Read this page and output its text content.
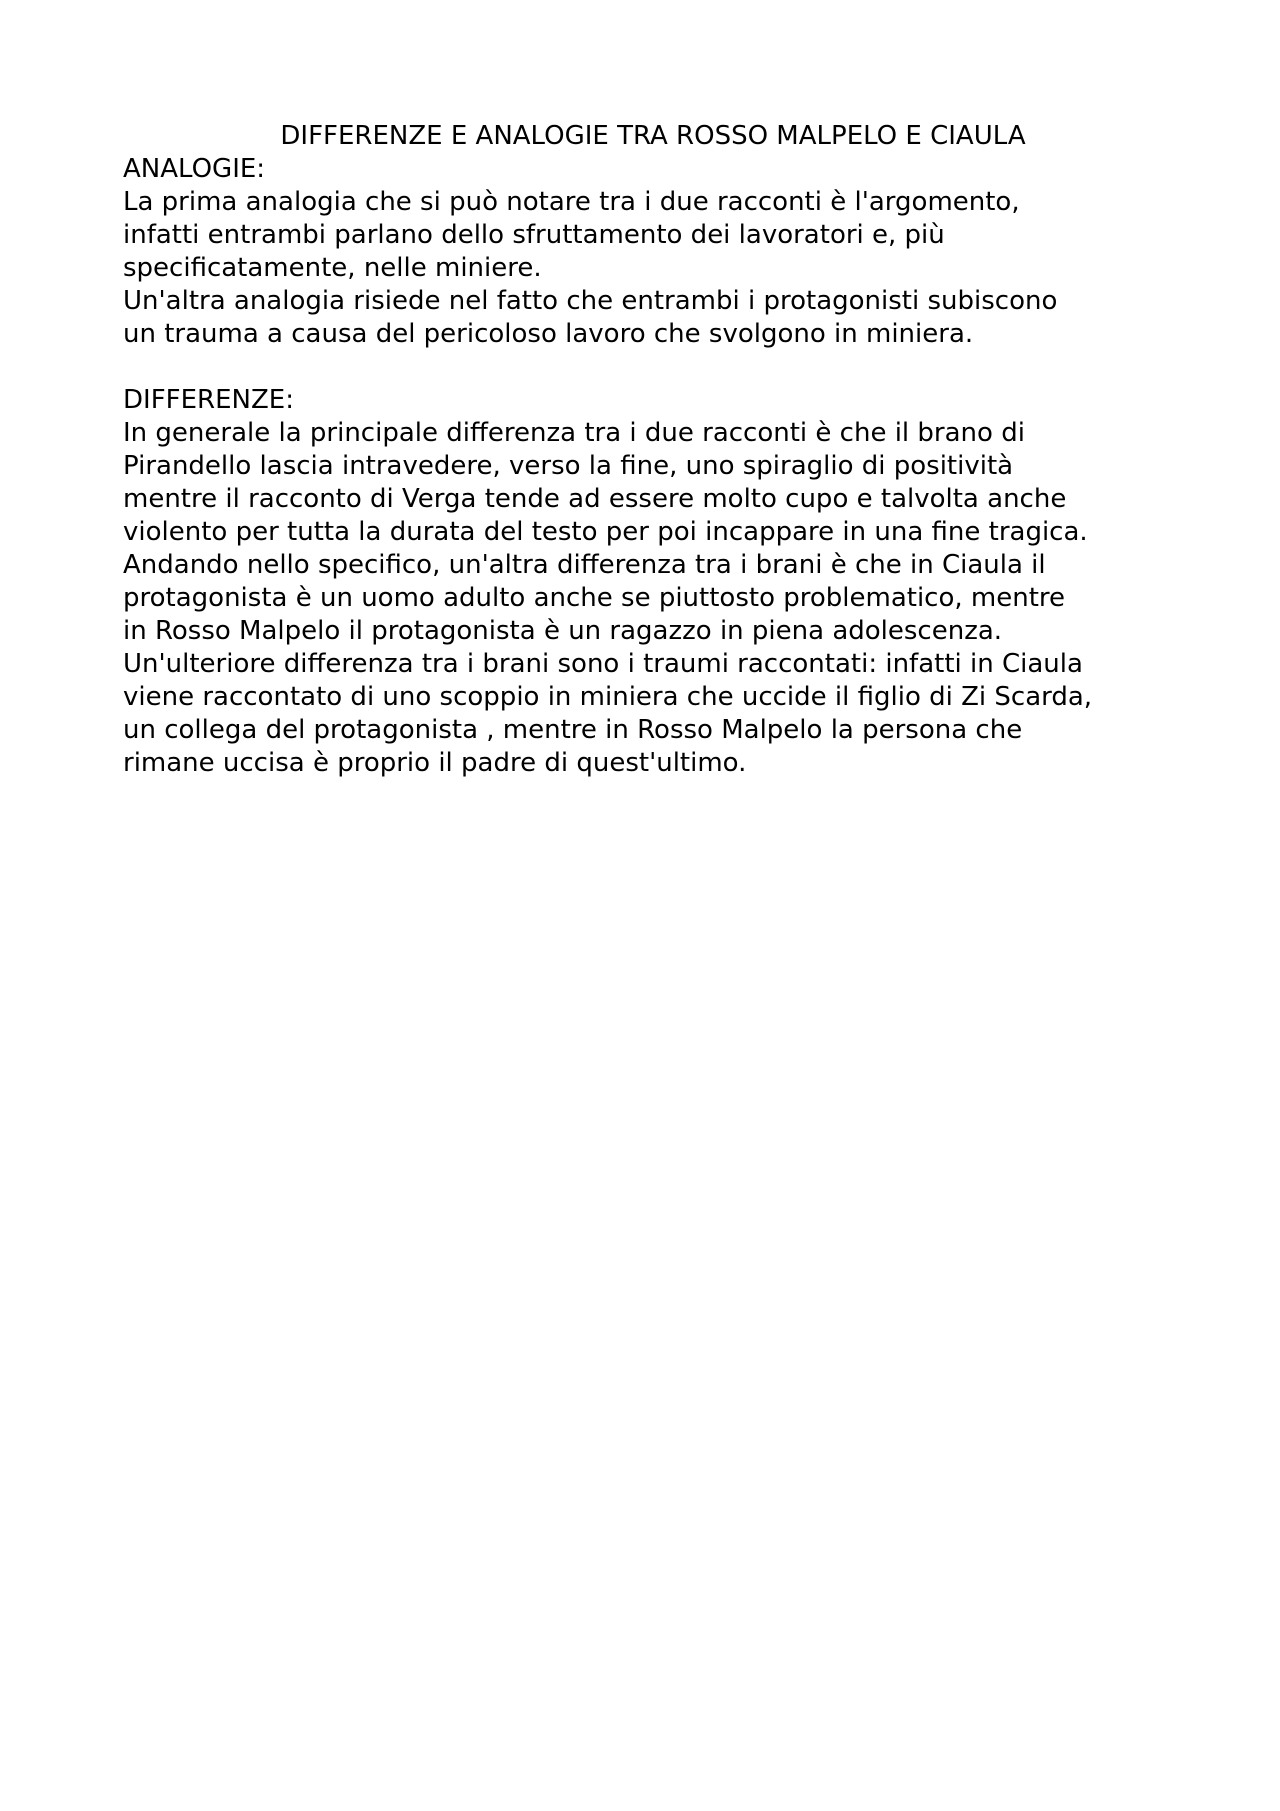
DIFFERENZE E ANALOGIE TRA ROSSO MALPELO E CIAULA
ANALOGIE:
La prima analogia che si può notare tra i due racconti è l'argomento,
infatti entrambi parlano dello sfruttamento dei lavoratori e, più
specificatamente, nelle miniere.
Un'altra analogia risiede nel fatto che entrambi i protagonisti subiscono
un trauma a causa del pericoloso lavoro che svolgono in miniera.
DIFFERENZE:
In generale la principale differenza tra i due racconti è che il brano di
Pirandello lascia intravedere, verso la fine, uno spiraglio di positività
mentre il racconto di Verga tende ad essere molto cupo e talvolta anche
violento per tutta la durata del testo per poi incappare in una fine tragica.
Andando nello specifico, un'altra differenza tra i brani è che in Ciaula il
protagonista è un uomo adulto anche se piuttosto problematico, mentre
in Rosso Malpelo il protagonista è un ragazzo in piena adolescenza.
Un'ulteriore differenza tra i brani sono i traumi raccontati: infatti in Ciaula
viene raccontato di uno scoppio in miniera che uccide il figlio di Zi Scarda,
un collega del protagonista , mentre in Rosso Malpelo la persona che
rimane uccisa è proprio il padre di quest'ultimo.
